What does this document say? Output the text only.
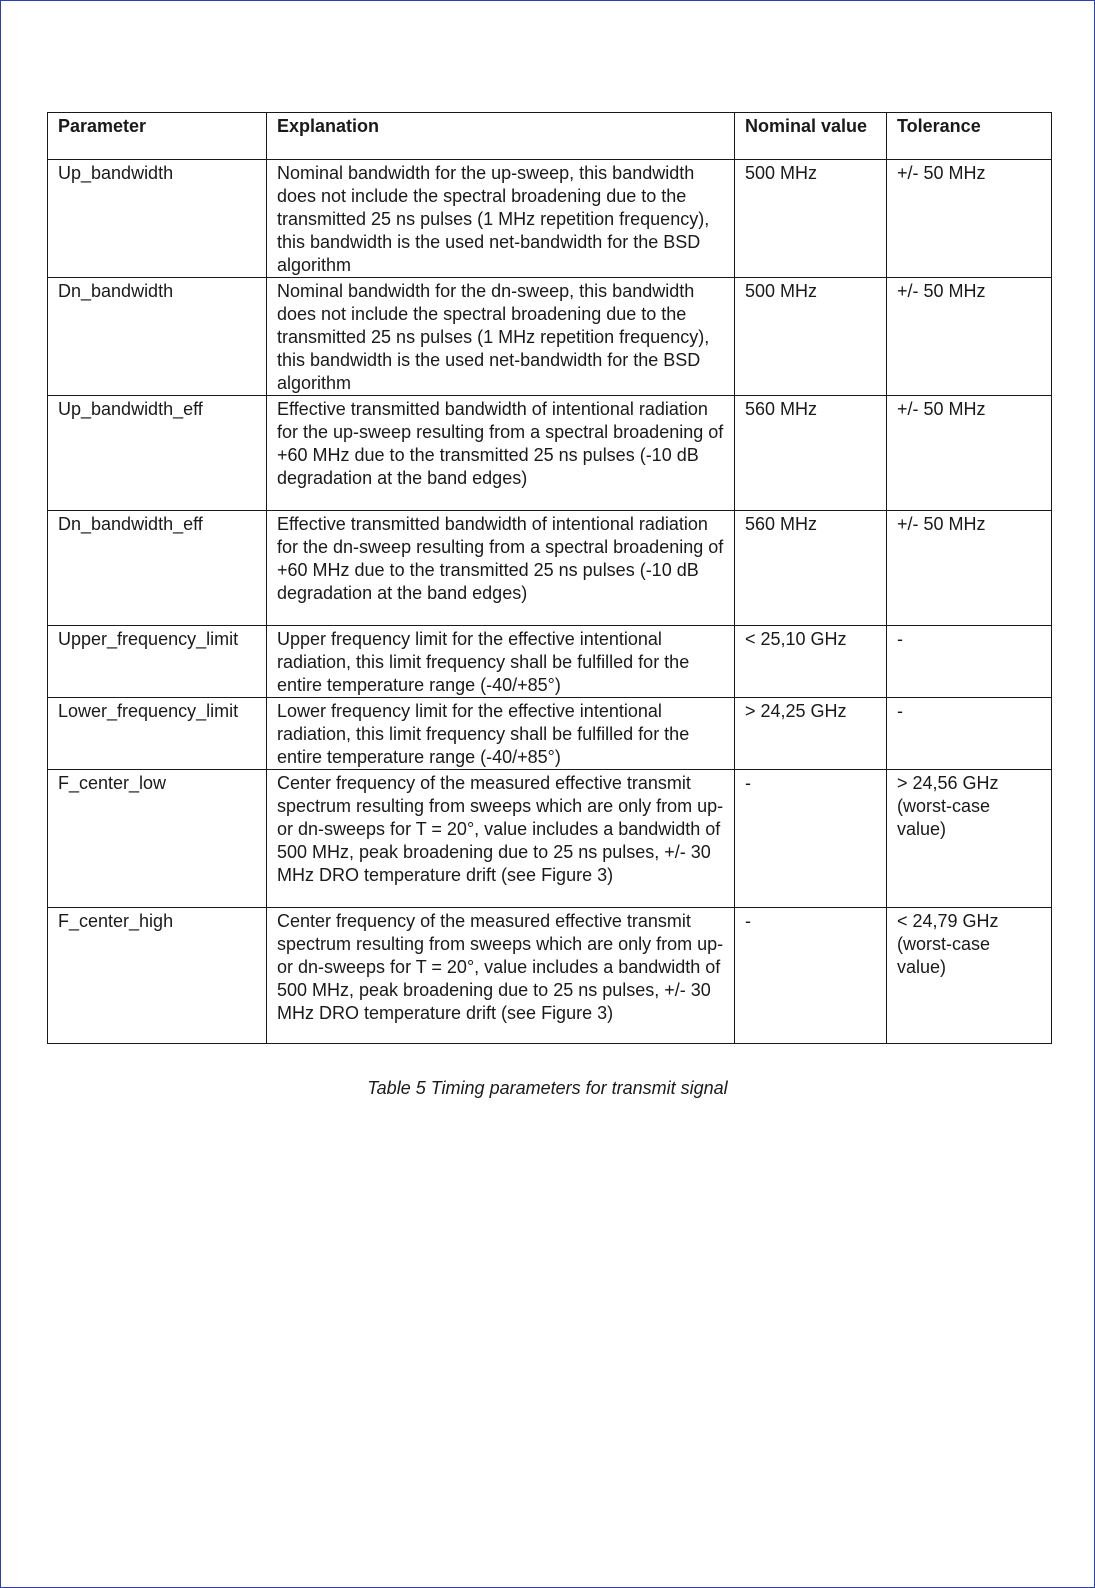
Parameter	Explanation	Nominal value	Tolerance
Up_bandwidth	Nominal bandwidth for the up-sweep, this bandwidth does not include the spectral broadening due to the transmitted 25 ns pulses (1 MHz repetition frequency), this bandwidth is the used net-bandwidth for the BSD algorithm	500 MHz	+/- 50 MHz
Dn_bandwidth	Nominal bandwidth for the dn-sweep, this bandwidth does not include the spectral broadening due to the transmitted 25 ns pulses (1 MHz repetition frequency), this bandwidth is the used net-bandwidth for the BSD algorithm	500 MHz	+/- 50 MHz
Up_bandwidth_eff	Effective transmitted bandwidth of intentional radiation for the up-sweep resulting from a spectral broadening of +60 MHz due to the transmitted 25 ns pulses (-10 dB degradation at the band edges)	560 MHz	+/- 50 MHz
Dn_bandwidth_eff	Effective transmitted bandwidth of intentional radiation for the dn-sweep resulting from a spectral broadening of +60 MHz due to the transmitted 25 ns pulses (-10 dB degradation at the band edges)	560 MHz	+/- 50 MHz
Upper_frequency_limit	Upper frequency limit for the effective intentional radiation, this limit frequency shall be fulfilled for the entire temperature range (-40/+85°)	< 25,10 GHz	-
Lower_frequency_limit	Lower frequency limit for the effective intentional radiation, this limit frequency shall be fulfilled for the entire temperature range (-40/+85°)	> 24,25 GHz	-
F_center_low	Center frequency of the measured effective transmit spectrum resulting from sweeps which are only from up- or dn-sweeps for T = 20°, value includes a bandwidth of 500 MHz, peak broadening due to 25 ns pulses, +/- 30 MHz DRO temperature drift (see Figure 3)	-	> 24,56 GHz (worst-case value)
F_center_high	Center frequency of the measured effective transmit spectrum resulting from sweeps which are only from up- or dn-sweeps for T = 20°, value includes a bandwidth of 500 MHz, peak broadening due to 25 ns pulses, +/- 30 MHz DRO temperature drift (see Figure 3)	-	< 24,79 GHz (worst-case value)
Table 5 Timing parameters for transmit signal
